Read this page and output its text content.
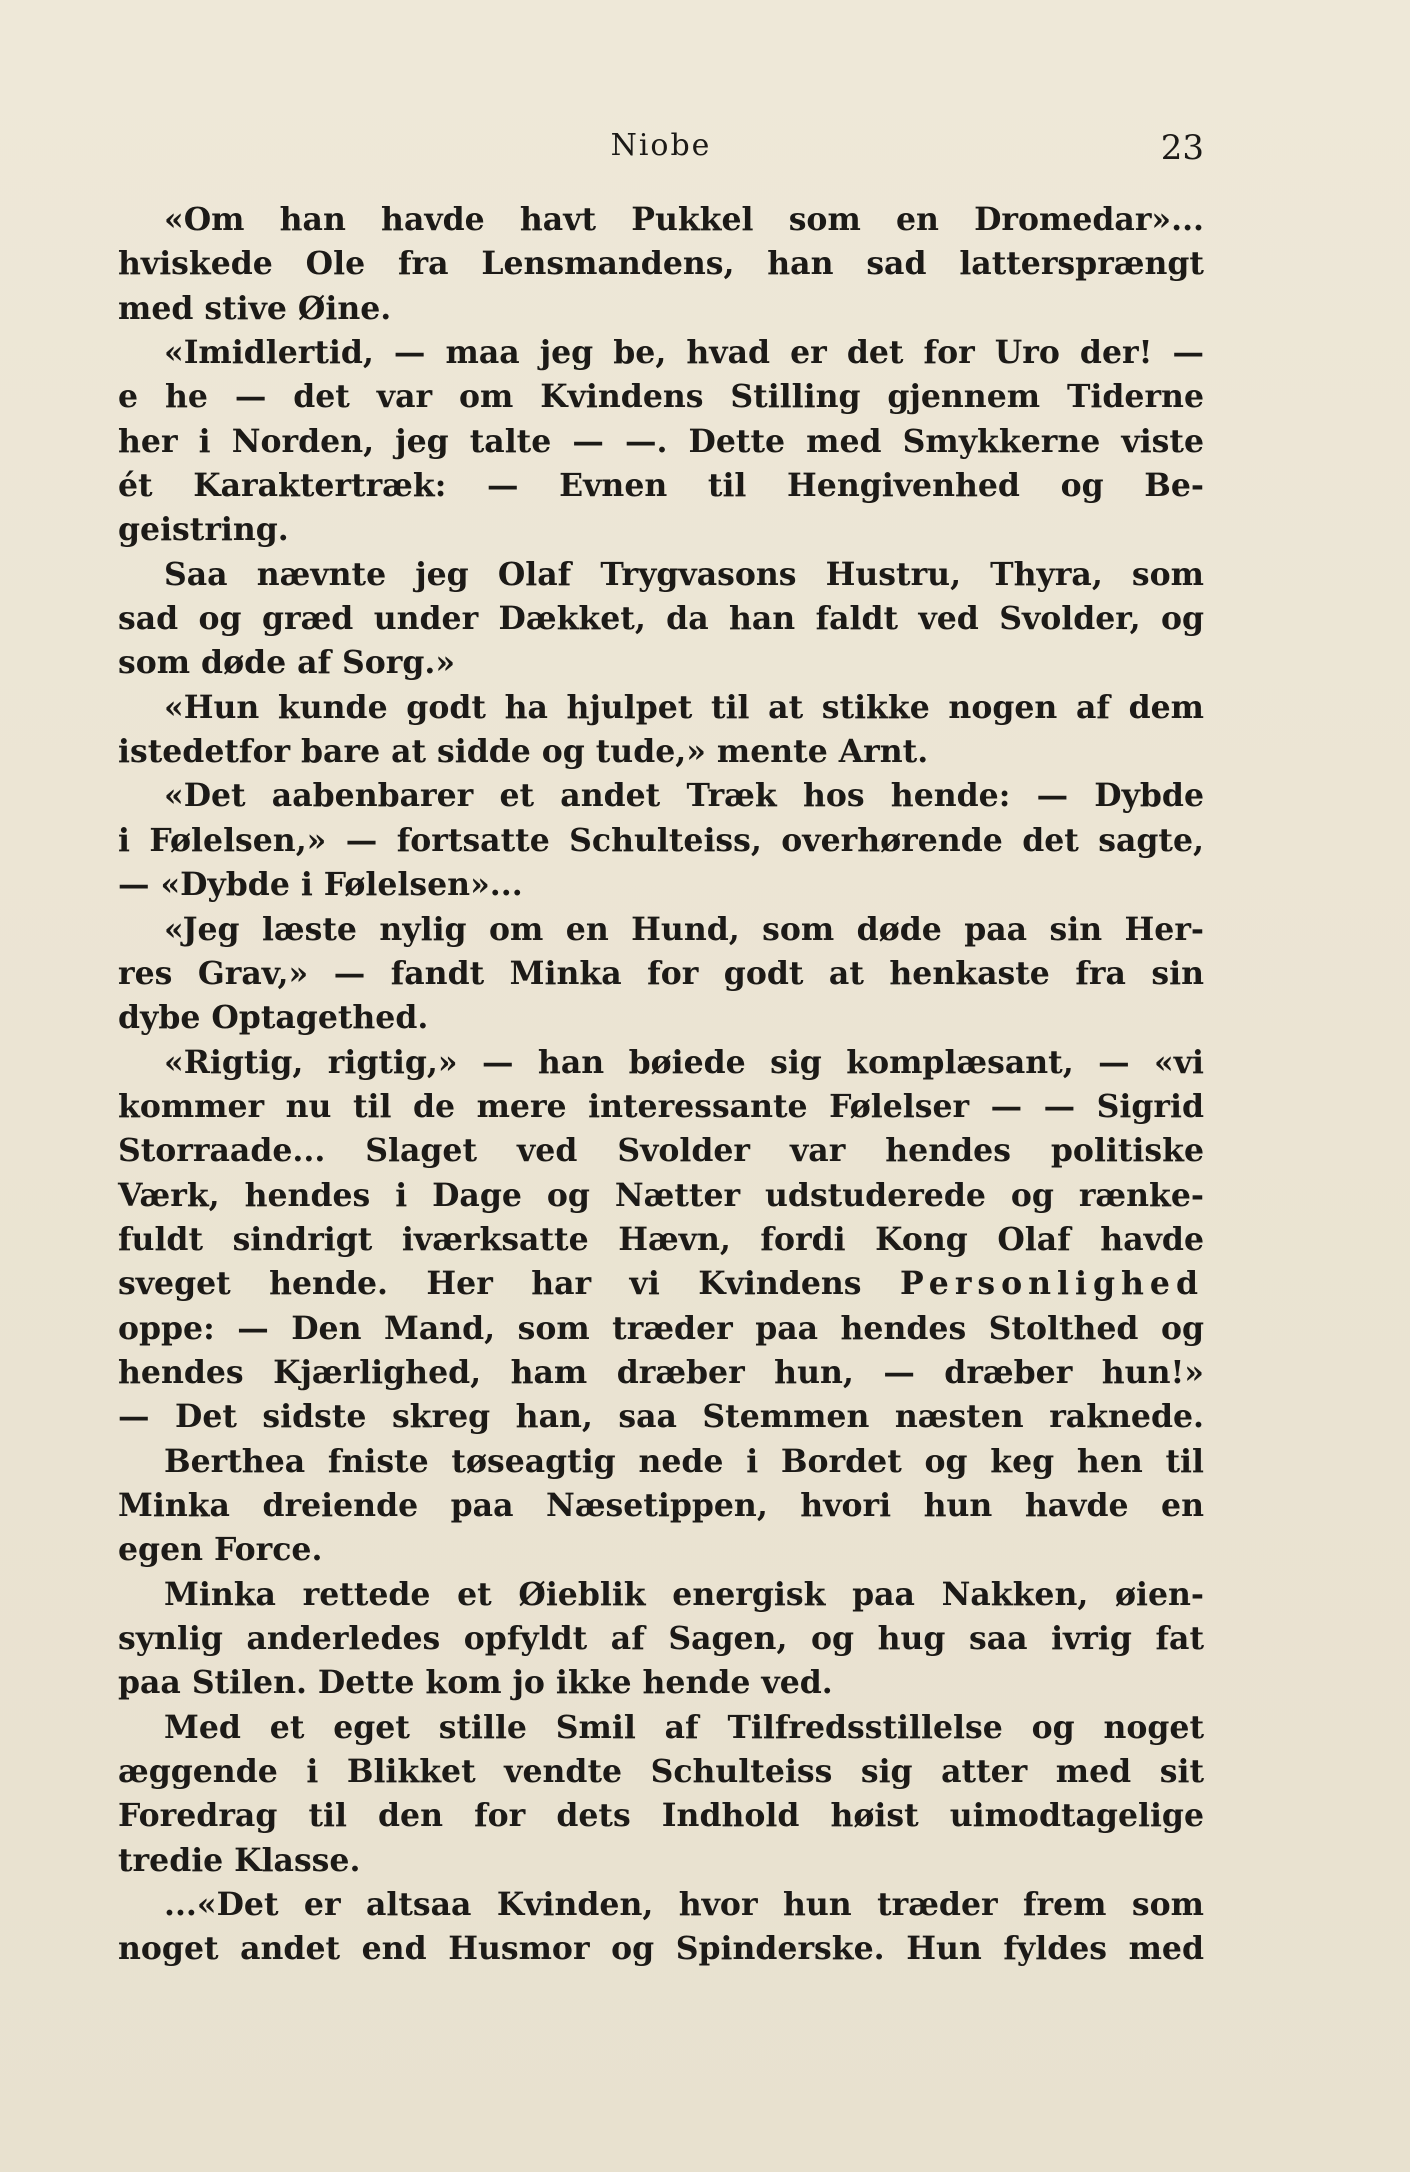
Niobe	23
«Om han havde havt Pukkel som en Dromedar»...
hviskede Ole fra Lensmandens, han sad lattersprængt
med stive Øine.
«Imidlertid, — maa jeg be, hvad er det for Uro der! —
e he — det var om Kvindens Stilling gjennem Tiderne
her i Norden, jeg talte — —. Dette med Smykkerne viste
ét Karaktertræk: — Evnen til Hengivenhed og Be-
geistring.
Saa nævnte jeg Olaf Trygvasons Hustru, Thyra, som
sad og græd under Dækket, da han faldt ved Svolder, og
som døde af Sorg.»
«Hun kunde godt ha hjulpet til at stikke nogen af dem
istedetfor bare at sidde og tude,» mente Arnt.
«Det aabenbarer et andet Træk hos hende: — Dybde
i Følelsen,» — fortsatte Schulteiss, overhørende det sagte,
— «Dybde i Følelsen»...
«Jeg læste nylig om en Hund, som døde paa sin Her-
res Grav,» — fandt Minka for godt at henkaste fra sin
dybe Optagethed.
«Rigtig, rigtig,» — han bøiede sig komplæsant, — «vi
kommer nu til de mere interessante Følelser — — Sigrid
Storraade... Slaget ved Svolder var hendes politiske
Værk, hendes i Dage og Nætter udstuderede og rænke-
fuldt sindrigt iværksatte Hævn, fordi Kong Olaf havde
sveget hende. Her har vi Kvindens Personlighed
oppe: — Den Mand, som træder paa hendes Stolthed og
hendes Kjærlighed, ham dræber hun, — dræber hun!»
— Det sidste skreg han, saa Stemmen næsten raknede.
Berthea fniste tøseagtig nede i Bordet og keg hen til
Minka dreiende paa Næsetippen, hvori hun havde en
egen Force.
Minka rettede et Øieblik energisk paa Nakken, øien-
synlig anderledes opfyldt af Sagen, og hug saa ivrig fat
paa Stilen. Dette kom jo ikke hende ved.
Med et eget stille Smil af Tilfredsstillelse og noget
æggende i Blikket vendte Schulteiss sig atter med sit
Foredrag til den for dets Indhold høist uimodtagelige
tredie Klasse.
...«Det er altsaa Kvinden, hvor hun træder frem som
noget andet end Husmor og Spinderske. Hun fyldes med
